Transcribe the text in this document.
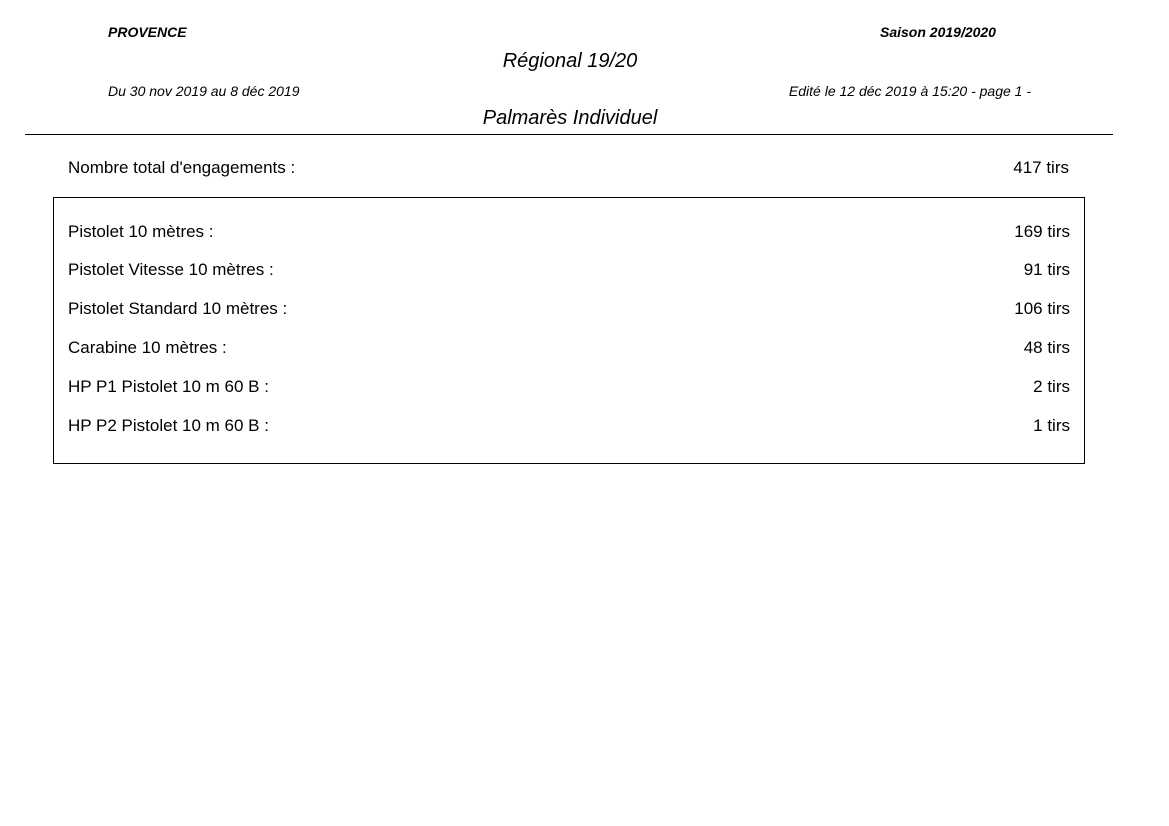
PROVENCE	Saison 2019/2020
Régional 19/20
Du 30 nov 2019 au 8 déc 2019	Edité le 12 déc 2019 à 15:20 - page 1 -
Palmarès Individuel
Nombre total d'engagements :	417 tirs
Pistolet 10 mètres :	169 tirs
Pistolet Vitesse 10 mètres :	91 tirs
Pistolet Standard 10 mètres :	106 tirs
Carabine 10 mètres :	48 tirs
HP P1 Pistolet 10 m 60 B :	2 tirs
HP P2 Pistolet 10 m 60 B :	1 tirs
